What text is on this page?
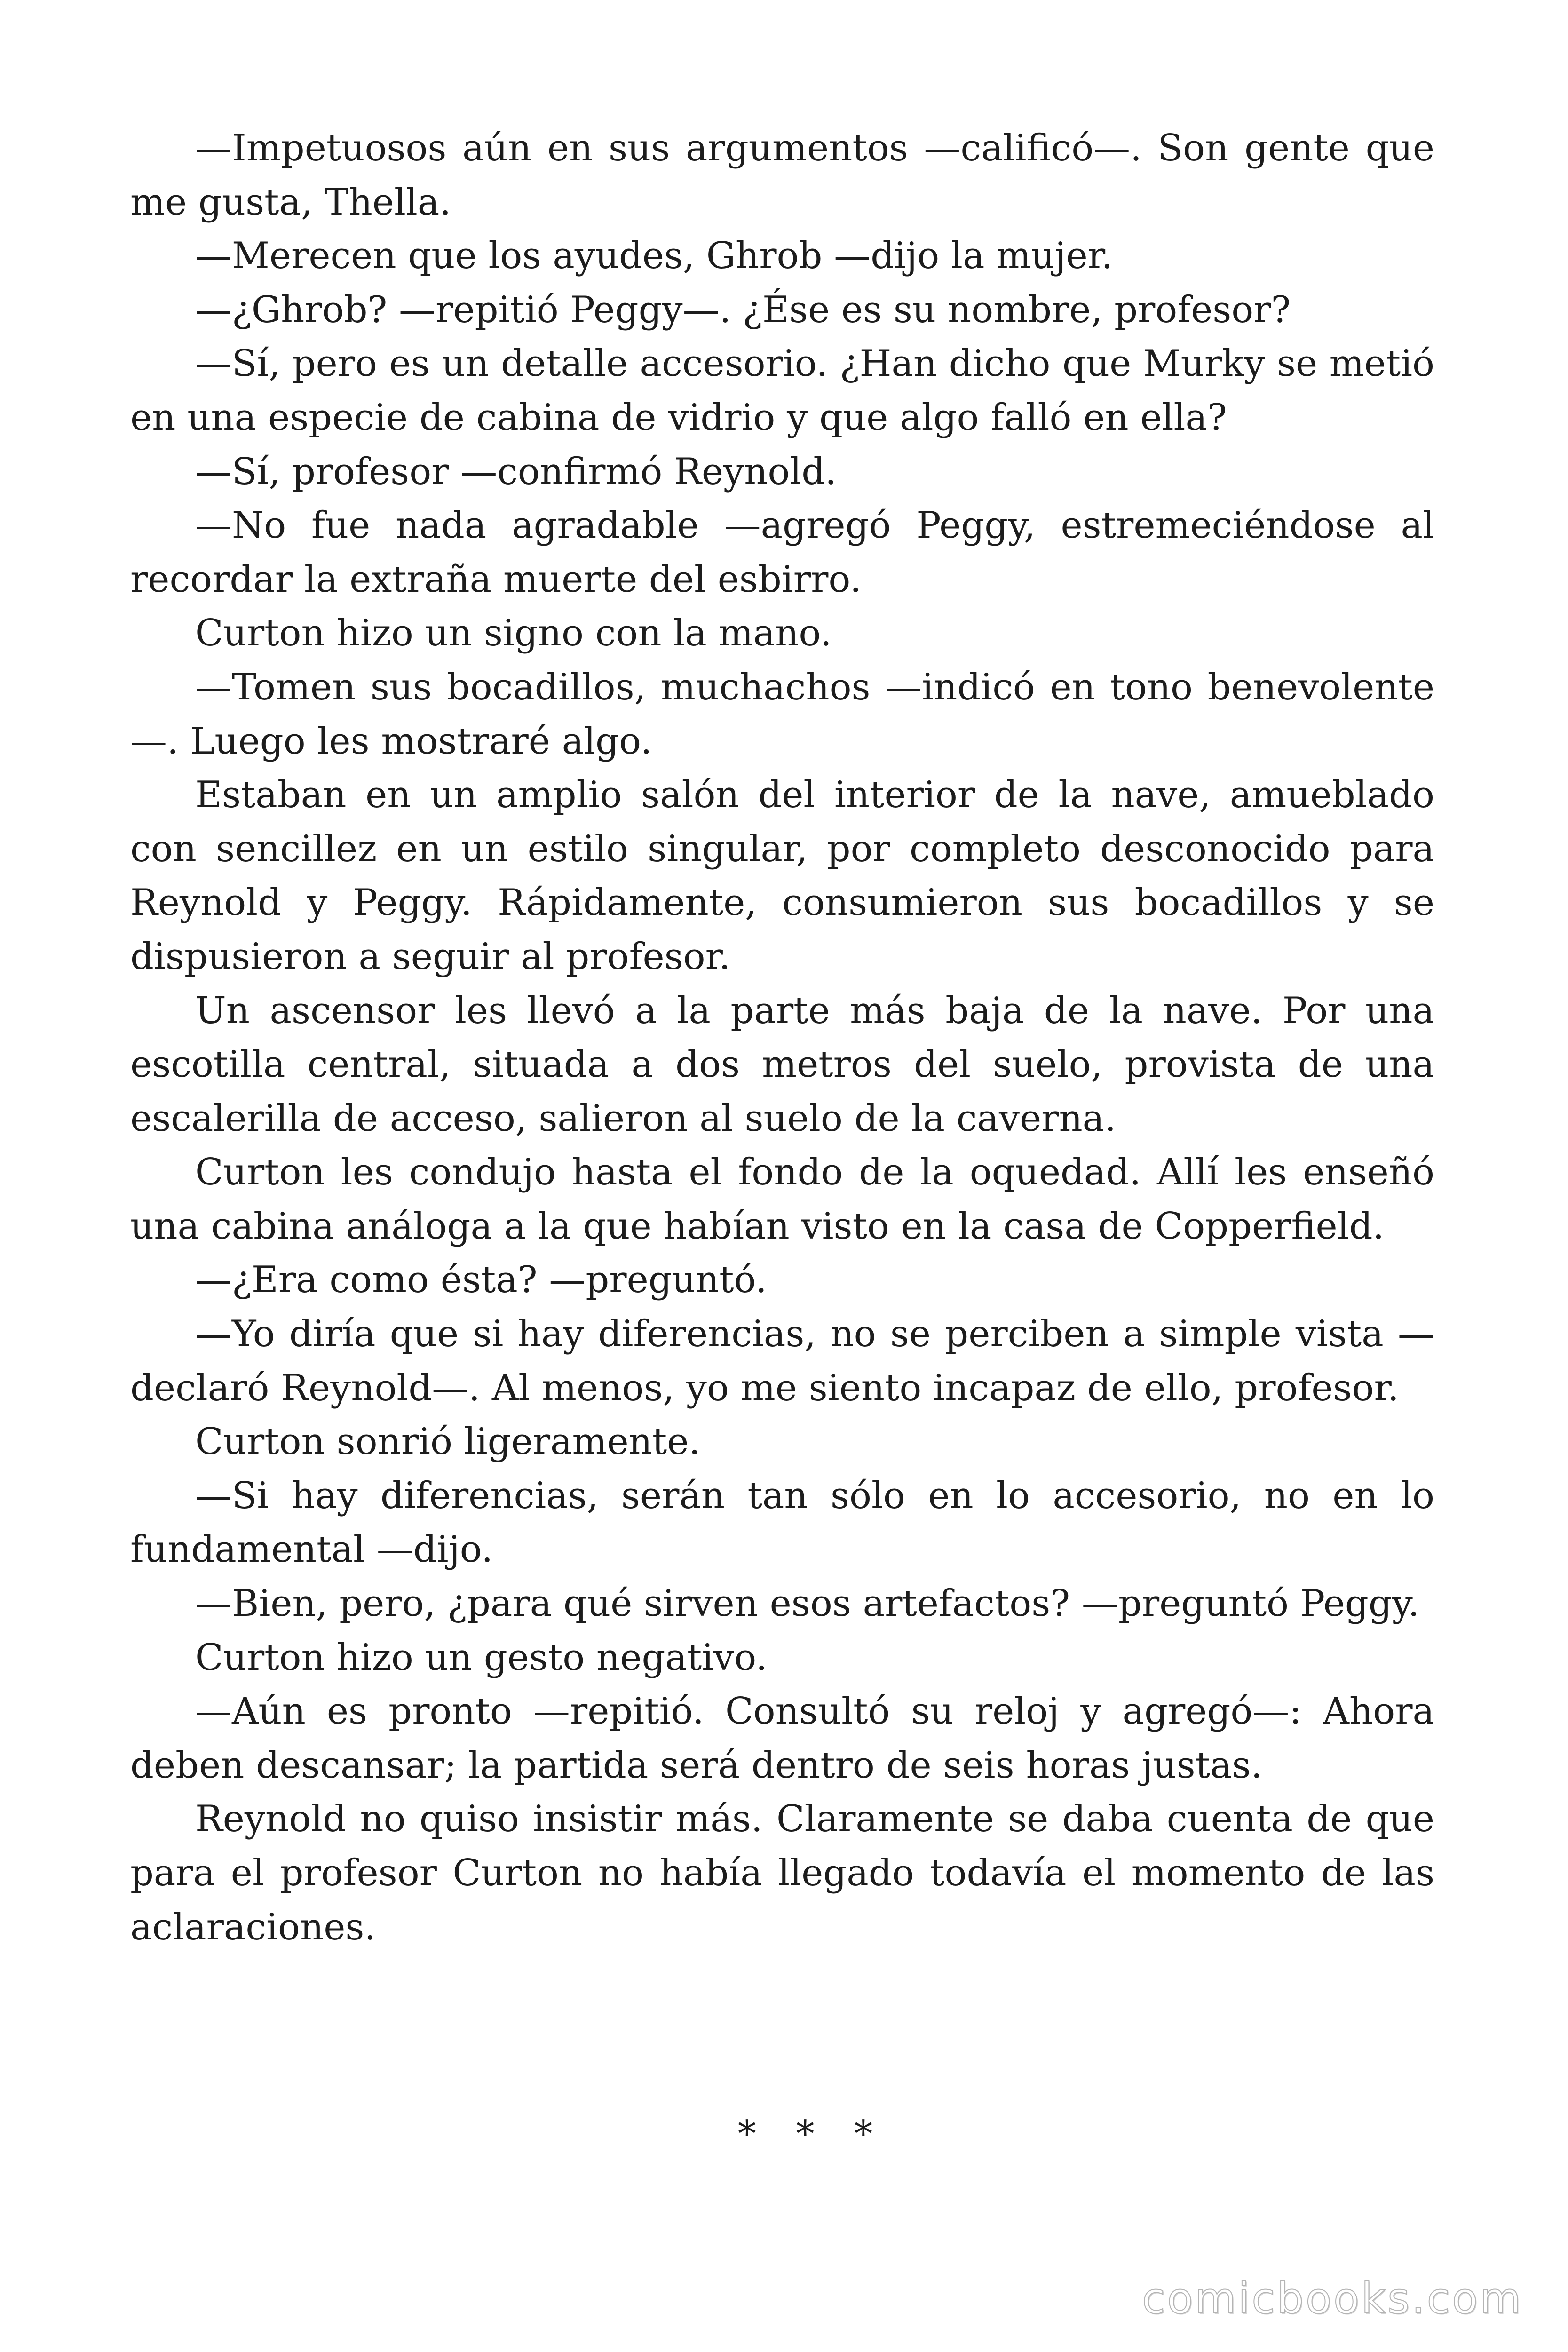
—Impetuosos aún en sus argumentos —calificó—. Son gente que me gusta, Thella.

—Merecen que los ayudes, Ghrob —dijo la mujer.

—¿Ghrob? —repitió Peggy—. ¿Ése es su nombre, profesor?

—Sí, pero es un detalle accesorio. ¿Han dicho que Murky se metió en una especie de cabina de vidrio y que algo falló en ella?

—Sí, profesor —confirmó Reynold.

—No fue nada agradable —agregó Peggy, estremeciéndose al recordar la extraña muerte del esbirro.

Curton hizo un signo con la mano.

—Tomen sus bocadillos, muchachos —indicó en tono benevolente—. Luego les mostraré algo.

Estaban en un amplio salón del interior de la nave, amueblado con sencillez en un estilo singular, por completo desconocido para Reynold y Peggy. Rápidamente, consumieron sus bocadillos y se dispusieron a seguir al profesor.

Un ascensor les llevó a la parte más baja de la nave. Por una escotilla central, situada a dos metros del suelo, provista de una escalerilla de acceso, salieron al suelo de la caverna.

Curton les condujo hasta el fondo de la oquedad. Allí les enseñó una cabina análoga a la que habían visto en la casa de Copperfield.

—¿Era como ésta? —preguntó.

—Yo diría que si hay diferencias, no se perciben a simple vista —declaró Reynold—. Al menos, yo me siento incapaz de ello, profesor.

Curton sonrió ligeramente.

—Si hay diferencias, serán tan sólo en lo accesorio, no en lo fundamental —dijo.

—Bien, pero, ¿para qué sirven esos artefactos? —preguntó Peggy.

Curton hizo un gesto negativo.

—Aún es pronto —repitió. Consultó su reloj y agregó—: Ahora deben descansar; la partida será dentro de seis horas justas.

Reynold no quiso insistir más. Claramente se daba cuenta de que para el profesor Curton no había llegado todavía el momento de las aclaraciones.

* * *
comicbooks.com
